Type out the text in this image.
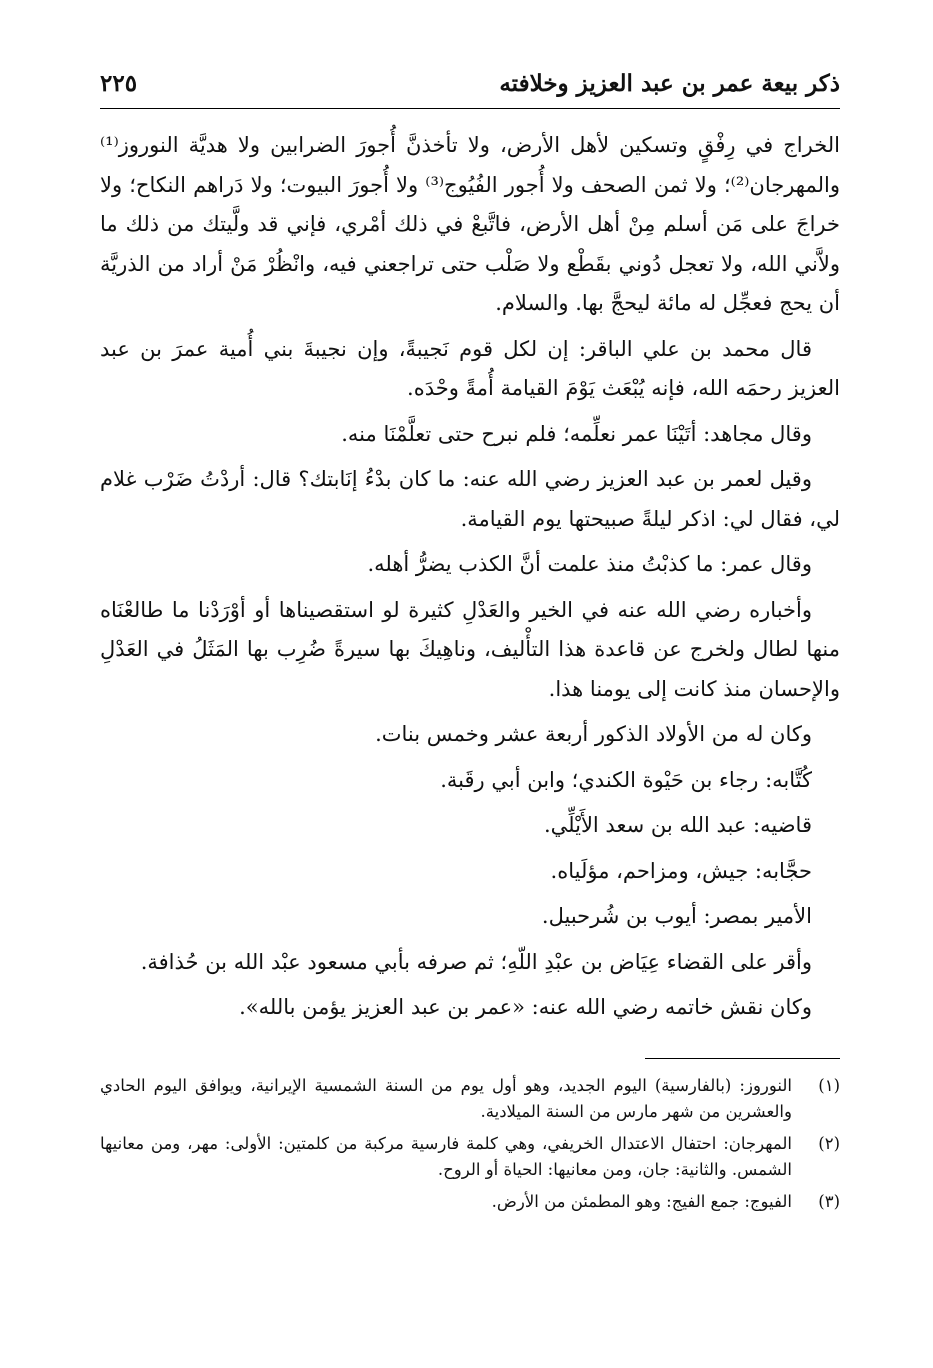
ذكر بيعة عمر بن عبد العزيز وخلافته
٢٢٥

الخراج في رِفْقٍ وتسكين لأهل الأرض، ولا تأخذنَّ أُجورَ الضرابين ولا هديَّة النوروز⁽¹⁾ والمهرجان⁽²⁾؛ ولا ثمن الصحف ولا أُجور الفُيُوج⁽³⁾ ولا أُجورَ البيوت؛ ولا دَراهم النكاح؛ ولا خراجَ على مَن أسلم مِنْ أهل الأرض، فاتَّبعْ في ذلك أمْري، فإني قد ولَّيتك من ذلك ما ولاَّني الله، ولا تعجل دُوني بقَطْع ولا صَلْب حتى تراجعني فيه، وانْظُرْ مَنْ أراد من الذريَّة أن يحج فعجِّل له مائة ليحجَّ بها. والسلام.

قال محمد بن علي الباقر: إن لكل قوم نَجيبةً، وإن نجيبةَ بني أُمية عمرَ بن عبد العزيز رحمَه الله، فإنه يُبْعَث يَوْمَ القيامة أُمةً وحْدَه.

وقال مجاهد: أتَيْنَا عمر نعلِّمه؛ فلم نبرح حتى تعلَّمْنَا منه.

وقيل لعمر بن عبد العزيز رضي الله عنه: ما كان بدْءُ إنَابتك؟ قال: أردْتُ ضَرْب غلام لي، فقال لي: اذكر ليلةً صبيحتها يوم القيامة.

وقال عمر: ما كذبْتُ منذ علمت أنَّ الكذب يضرُّ أهله.

وأخباره رضي الله عنه في الخير والعَدْلِ كثيرة لو استقصيناها أو أوْرَدْنا ما طالعْنَاه منها لطال ولخرج عن قاعدة هذا التأْليف، وناهِيكَ بها سيرةً ضُرِب بها المَثَلُ في العَدْلِ والإحسان منذ كانت إلى يومنا هذا.

وكان له من الأولاد الذكور أربعة عشر وخمس بنات.

كُتَّابه: رجاء بن حَيْوة الكندي؛ وابن أبي رقَبة.

قاضيه: عبد الله بن سعد الأَيْلِّي.

حجَّابه: جيش، ومزاحم، مؤلَياه.

الأمير بمصر: أيوب بن شُرحبيل.

وأقر على القضاء عِيَاض بن عبْدِ اللّهِ؛ ثم صرفه بأبي مسعود عبْد الله بن حُذافة.

وكان نقش خاتمه رضي الله عنه: «عمر بن عبد العزيز يؤمن بالله».

(١)
النوروز: (بالفارسية) اليوم الجديد، وهو أول يوم من السنة الشمسية الإيرانية، ويوافق اليوم الحادي والعشرين من شهر مارس من السنة الميلادية.
(٢)
المهرجان: احتفال الاعتدال الخريفي، وهي كلمة فارسية مركبة من كلمتين: الأولى: مهر، ومن معانيها الشمس. والثانية: جان، ومن معانيها: الحياة أو الروح.
(٣)
الفيوج: جمع الفيج: وهو المطمئن من الأرض.
